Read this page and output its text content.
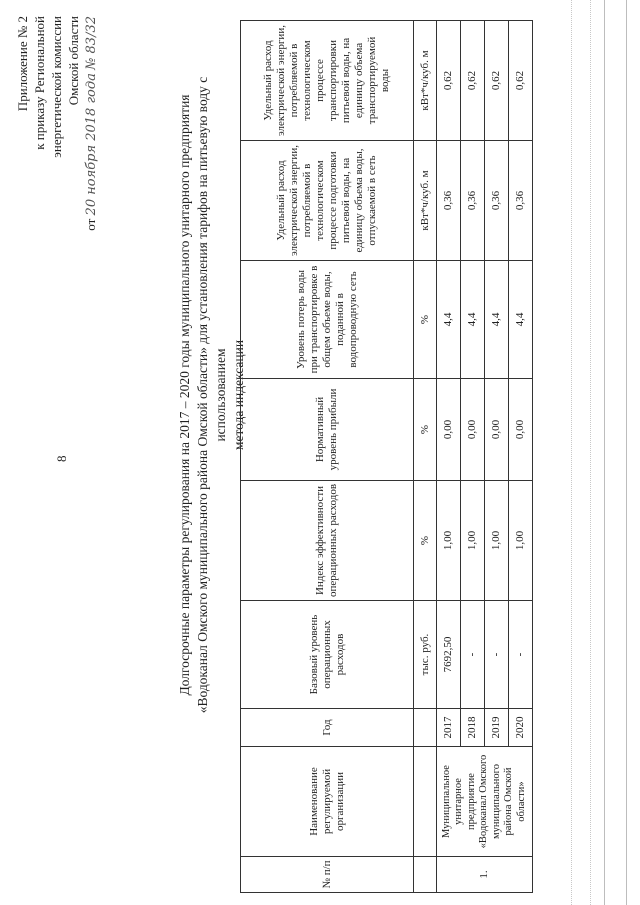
8
Приложение № 2 к приказу Региональной энергетической комиссии Омской области
от 20 ноября 2018 года № 83/32
Долгосрочные параметры регулирования на 2017 – 2020 годы муниципального унитарного предприятия «Водоканал Омского муниципального района Омской области» для установления тарифов на питьевую воду с использованием метода индексации
№ п/п	Наименование регулируемой организации	Год	Базовый уровень операционных расходов	Индекс эффективности операционных расходов	Нормативный уровень прибыли	Уровень потерь воды при транспортировке в общем объеме воды, поданной в водопроводную сеть	Удельный расход электрической энергии, потребляемой в технологическом процессе подготовки питьевой воды, на единицу объема воды, отпускаемой в сеть	Удельный расход электрической энергии, потребляемой в технологическом процессе транспортировки питьевой воды, на единицу объема транспортируемой воды
			тыс. руб.	%	%	%	кВт*ч/куб. м	кВт*ч/куб. м
1.	Муниципальное унитарное предприятие «Водоканал Омского муниципального района Омской области»	2017	7692,50	1,00	0,00	4,4	0,36	0,62
		2018	-	1,00	0,00	4,4	0,36	0,62
		2019	-	1,00	0,00	4,4	0,36	0,62
		2020	-	1,00	0,00	4,4	0,36	0,62
